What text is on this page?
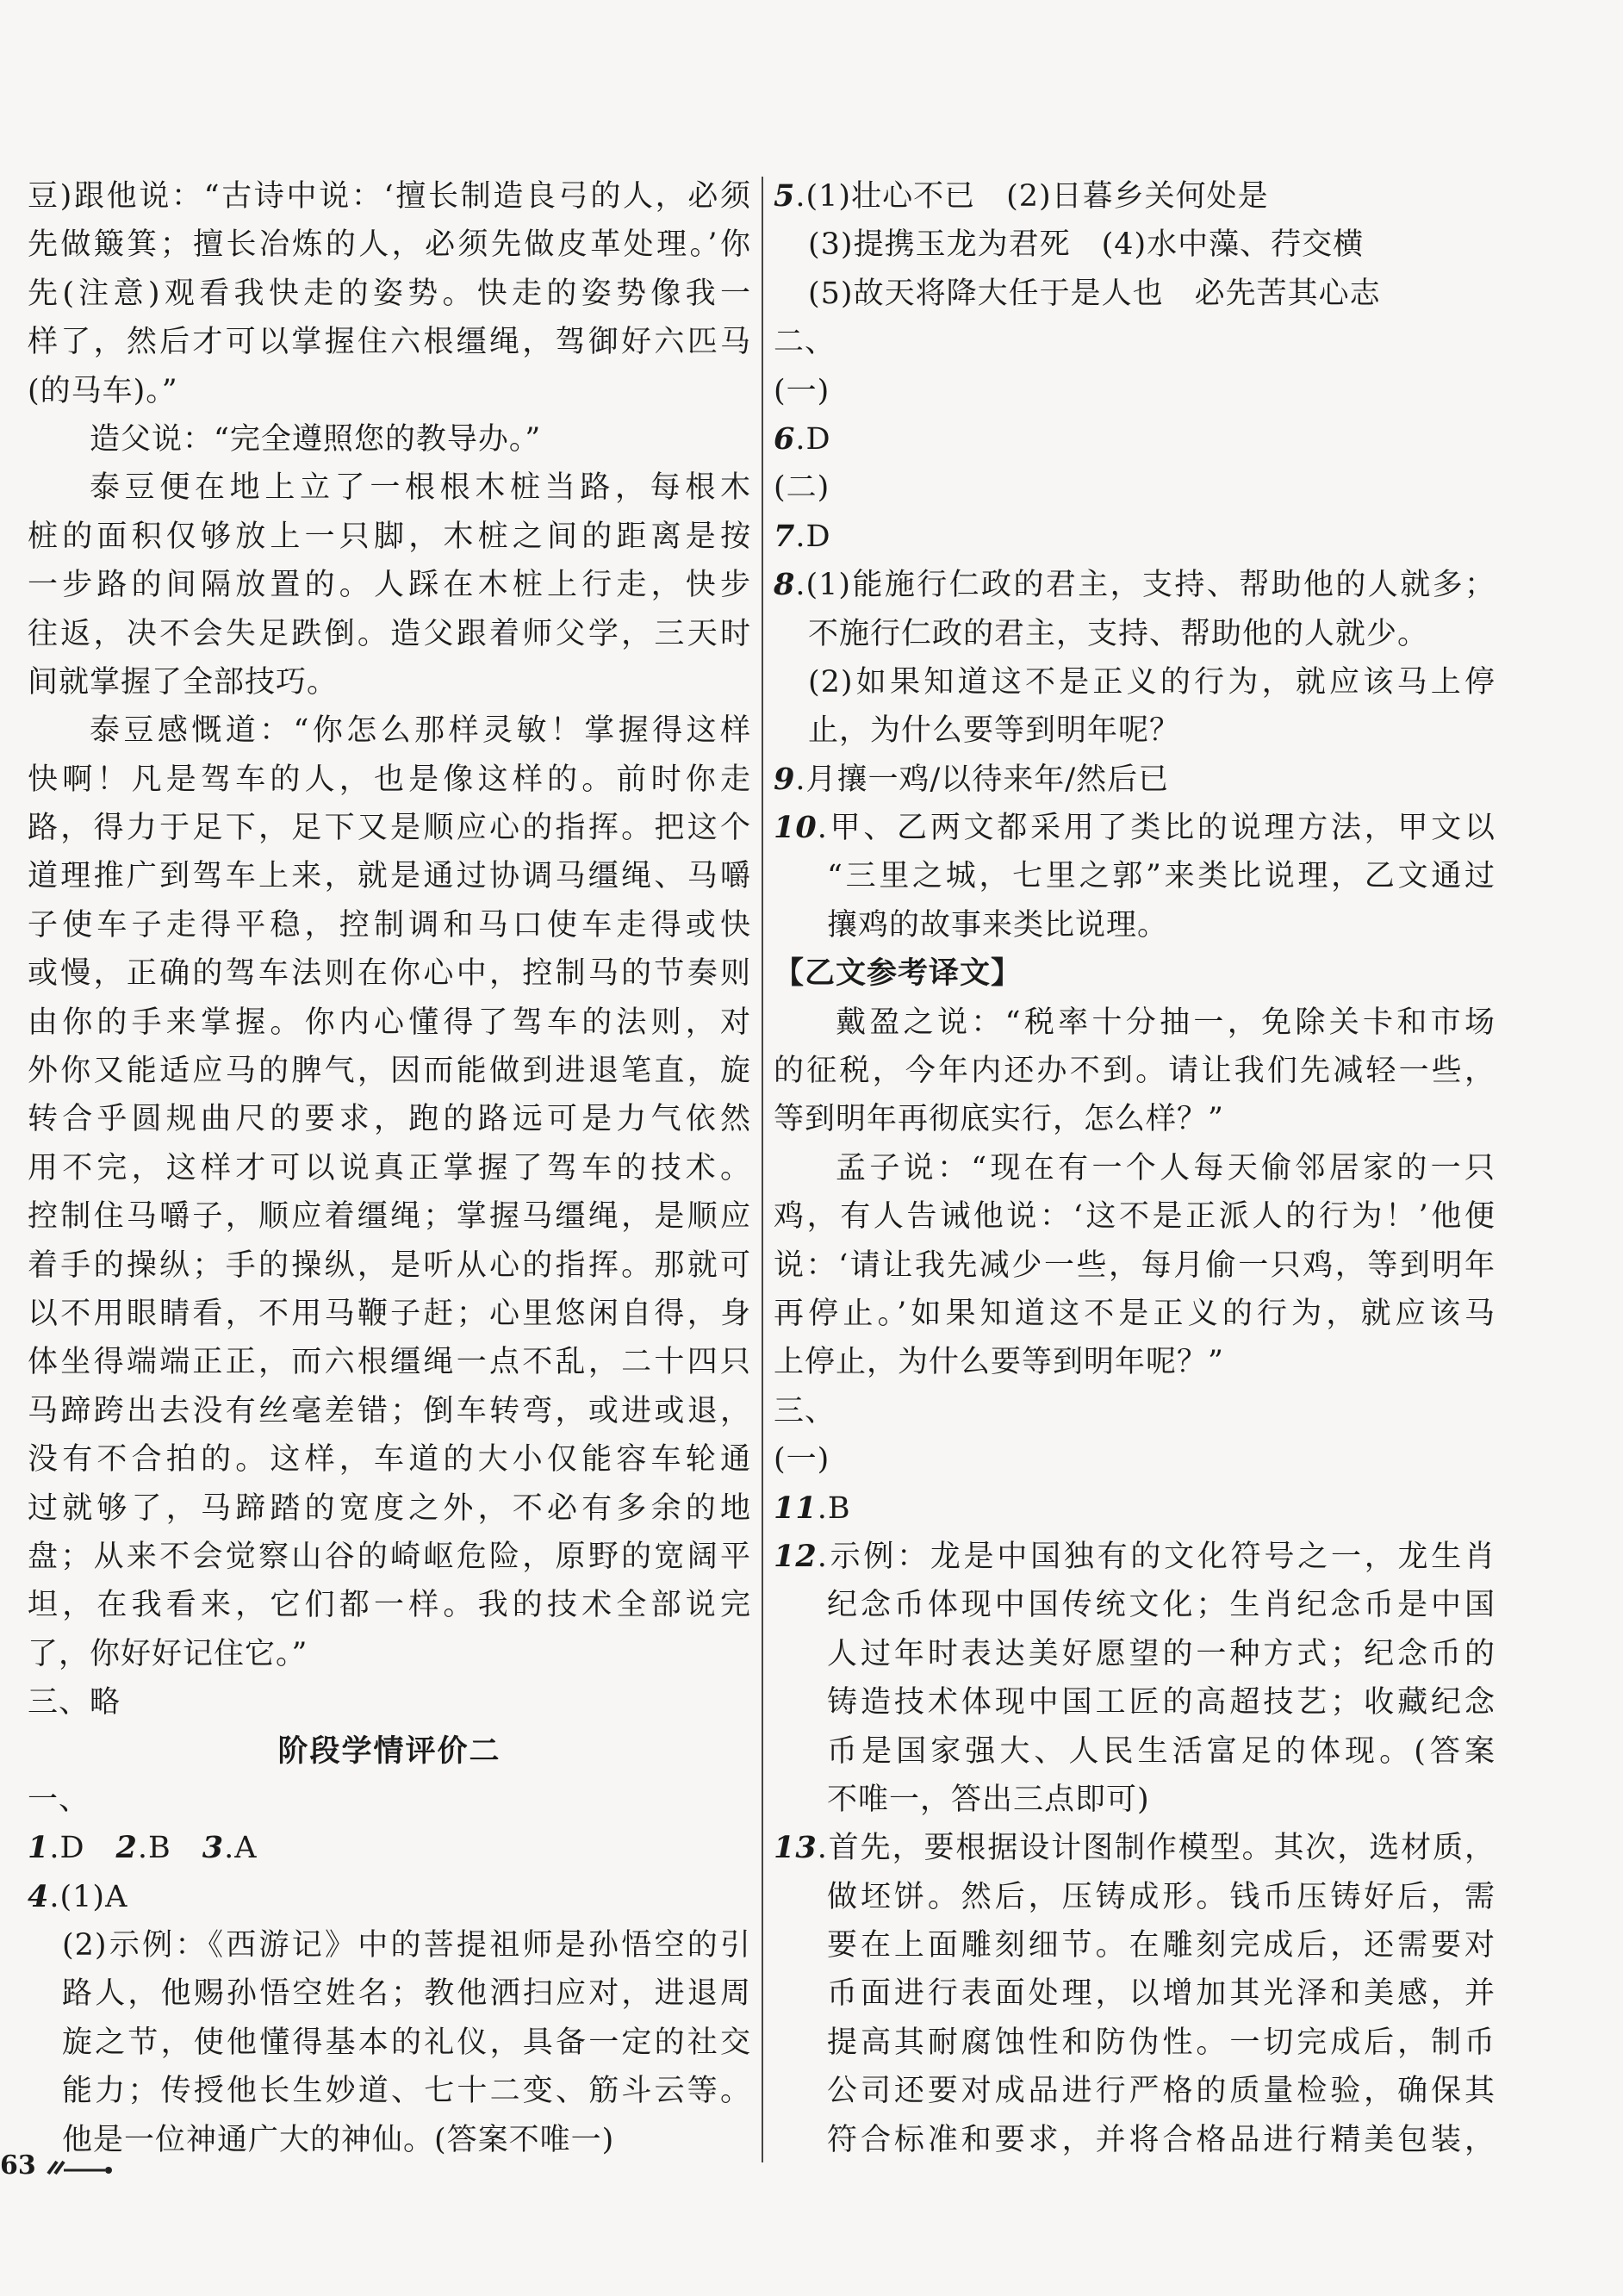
豆)跟他说：“古诗中说：‘擅长制造良弓的人，必须
先做簸箕；擅长冶炼的人，必须先做皮革处理。’你
先(注意)观看我快走的姿势。快走的姿势像我一
样了，然后才可以掌握住六根缰绳，驾御好六匹马
(的马车)。”
造父说：“完全遵照您的教导办。”
泰豆便在地上立了一根根木桩当路，每根木
桩的面积仅够放上一只脚，木桩之间的距离是按
一步路的间隔放置的。人踩在木桩上行走，快步
往返，决不会失足跌倒。造父跟着师父学，三天时
间就掌握了全部技巧。
泰豆感慨道：“你怎么那样灵敏！掌握得这样
快啊！凡是驾车的人，也是像这样的。前时你走
路，得力于足下，足下又是顺应心的指挥。把这个
道理推广到驾车上来，就是通过协调马缰绳、马嚼
子使车子走得平稳，控制调和马口使车走得或快
或慢，正确的驾车法则在你心中，控制马的节奏则
由你的手来掌握。你内心懂得了驾车的法则，对
外你又能适应马的脾气，因而能做到进退笔直，旋
转合乎圆规曲尺的要求，跑的路远可是力气依然
用不完，这样才可以说真正掌握了驾车的技术。
控制住马嚼子，顺应着缰绳；掌握马缰绳，是顺应
着手的操纵；手的操纵，是听从心的指挥。那就可
以不用眼睛看，不用马鞭子赶；心里悠闲自得，身
体坐得端端正正，而六根缰绳一点不乱，二十四只
马蹄跨出去没有丝毫差错；倒车转弯，或进或退，
没有不合拍的。这样，车道的大小仅能容车轮通
过就够了，马蹄踏的宽度之外，不必有多余的地
盘；从来不会觉察山谷的崎岖危险，原野的宽阔平
坦，在我看来，它们都一样。我的技术全部说完
了，你好好记住它。”
三、略
阶段学情评价二
一、
1.D　2.B　3.A
4.(1)A
(2)示例：《西游记》中的菩提祖师是孙悟空的引
路人，他赐孙悟空姓名；教他洒扫应对，进退周
旋之节，使他懂得基本的礼仪，具备一定的社交
能力；传授他长生妙道、七十二变、筋斗云等。
他是一位神通广大的神仙。(答案不唯一)
5.(1)壮心不已　(2)日暮乡关何处是
(3)提携玉龙为君死　(4)水中藻、荇交横
(5)故天将降大任于是人也　必先苦其心志
二、
(一)
6.D
(二)
7.D
8.(1)能施行仁政的君主，支持、帮助他的人就多；
不施行仁政的君主，支持、帮助他的人就少。
(2)如果知道这不是正义的行为，就应该马上停
止，为什么要等到明年呢？
9.月攘一鸡/以待来年/然后已
10.甲、乙两文都采用了类比的说理方法，甲文以
“三里之城，七里之郭”来类比说理，乙文通过
攘鸡的故事来类比说理。
【乙文参考译文】
戴盈之说：“税率十分抽一，免除关卡和市场
的征税，今年内还办不到。请让我们先减轻一些，
等到明年再彻底实行，怎么样？”
孟子说：“现在有一个人每天偷邻居家的一只
鸡，有人告诫他说：‘这不是正派人的行为！’他便
说：‘请让我先减少一些，每月偷一只鸡，等到明年
再停止。’如果知道这不是正义的行为，就应该马
上停止，为什么要等到明年呢？”
三、
(一)
11.B
12.示例：龙是中国独有的文化符号之一，龙生肖
纪念币体现中国传统文化；生肖纪念币是中国
人过年时表达美好愿望的一种方式；纪念币的
铸造技术体现中国工匠的高超技艺；收藏纪念
币是国家强大、人民生活富足的体现。(答案
不唯一，答出三点即可)
13.首先，要根据设计图制作模型。其次，选材质，
做坯饼。然后，压铸成形。钱币压铸好后，需
要在上面雕刻细节。在雕刻完成后，还需要对
币面进行表面处理，以增加其光泽和美感，并
提高其耐腐蚀性和防伪性。一切完成后，制币
公司还要对成品进行严格的质量检验，确保其
符合标准和要求，并将合格品进行精美包装，
63
